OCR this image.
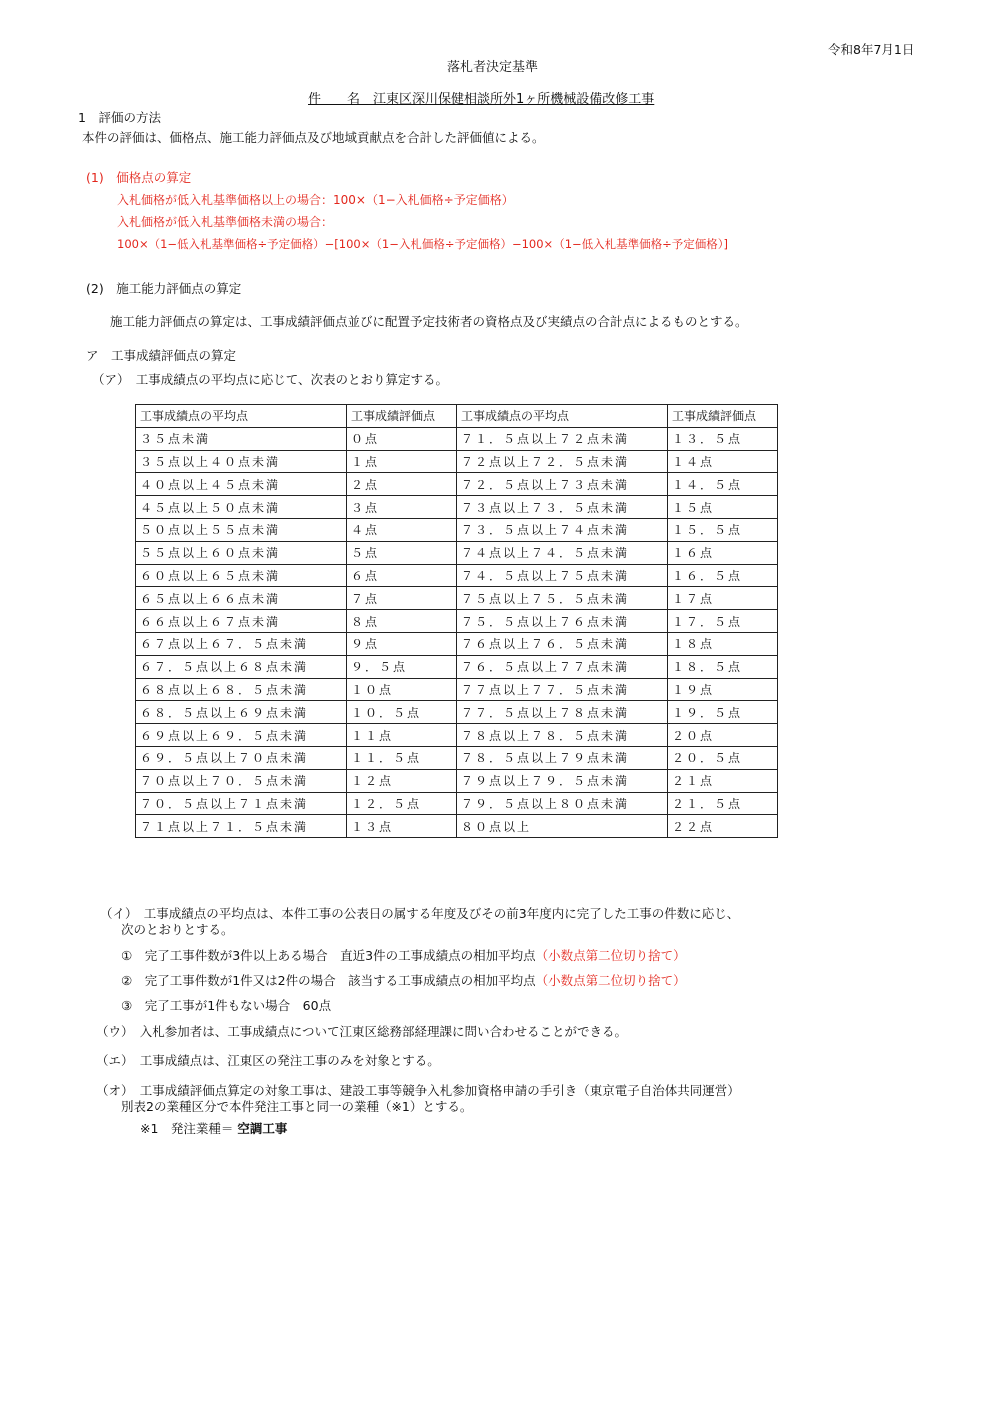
令和8年7月1日
落札者決定基準
件　　名　江東区深川保健相談所外1ヶ所機械設備改修工事
1　評価の方法
本件の評価は、価格点、施工能力評価点及び地域貢献点を合計した評価値による。
(1)　価格点の算定
入札価格が低入札基準価格以上の場合：100×（1−入札価格÷予定価格）
入札価格が低入札基準価格未満の場合：
100×（1−低入札基準価格÷予定価格）−[100×（1−入札価格÷予定価格）−100×（1−低入札基準価格÷予定価格）]
(2)　施工能力評価点の算定
施工能力評価点の算定は、工事成績評価点並びに配置予定技術者の資格点及び実績点の合計点によるものとする。
ア　工事成績評価点の算定
（ア）　工事成績点の平均点に応じて、次表のとおり算定する。
工事成績点の平均点	工事成績評価点	工事成績点の平均点	工事成績評価点
３５点未満	０点	７１．５点以上７２点未満	１３．５点
３５点以上４０点未満	１点	７２点以上７２．５点未満	１４点
４０点以上４５点未満	２点	７２．５点以上７３点未満	１４．５点
４５点以上５０点未満	３点	７３点以上７３．５点未満	１５点
５０点以上５５点未満	４点	７３．５点以上７４点未満	１５．５点
５５点以上６０点未満	５点	７４点以上７４．５点未満	１６点
６０点以上６５点未満	６点	７４．５点以上７５点未満	１６．５点
６５点以上６６点未満	７点	７５点以上７５．５点未満	１７点
６６点以上６７点未満	８点	７５．５点以上７６点未満	１７．５点
６７点以上６７．５点未満	９点	７６点以上７６．５点未満	１８点
６７．５点以上６８点未満	９．５点	７６．５点以上７７点未満	１８．５点
６８点以上６８．５点未満	１０点	７７点以上７７．５点未満	１９点
６８．５点以上６９点未満	１０．５点	７７．５点以上７８点未満	１９．５点
６９点以上６９．５点未満	１１点	７８点以上７８．５点未満	２０点
６９．５点以上７０点未満	１１．５点	７８．５点以上７９点未満	２０．５点
７０点以上７０．５点未満	１２点	７９点以上７９．５点未満	２１点
７０．５点以上７１点未満	１２．５点	７９．５点以上８０点未満	２１．５点
７１点以上７１．５点未満	１３点	８０点以上	２２点
（イ）　工事成績点の平均点は、本件工事の公表日の属する年度及びその前3年度内に完了した工事の件数に応じ、
次のとおりとする。
①　完了工事件数が3件以上ある場合　直近3件の工事成績点の相加平均点（小数点第二位切り捨て）
②　完了工事件数が1件又は2件の場合　該当する工事成績点の相加平均点（小数点第二位切り捨て）
③　完了工事が1件もない場合　60点
（ウ）　入札参加者は、工事成績点について江東区総務部経理課に問い合わせることができる。
（エ）　工事成績点は、江東区の発注工事のみを対象とする。
（オ）　工事成績評価点算定の対象工事は、建設工事等競争入札参加資格申請の手引き（東京電子自治体共同運営）
別表2の業種区分で本件発注工事と同一の業種（※1）とする。
※1　発注業種＝ 空調工事
